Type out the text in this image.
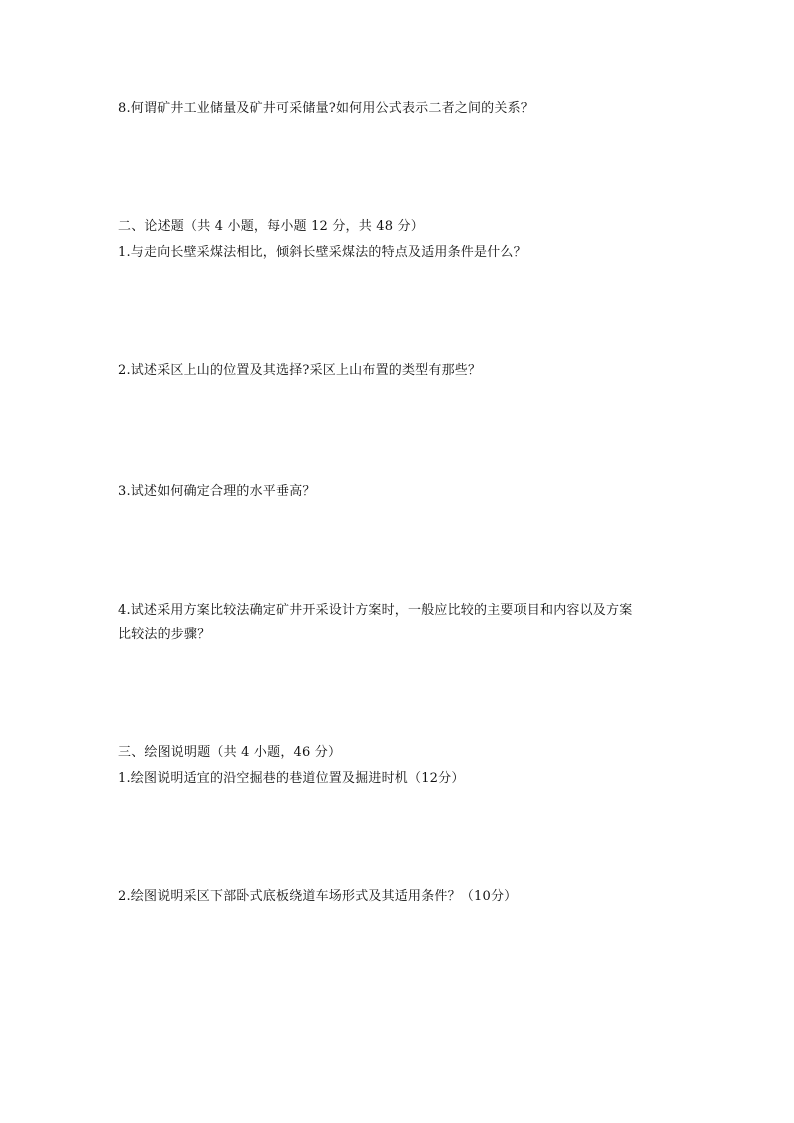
8.何谓矿井工业储量及矿井可采储量?如何用公式表示二者之间的关系？
二、论述题（共 4 小题，每小题 12 分，共 48 分）
1.与走向长壁采煤法相比，倾斜长壁采煤法的特点及适用条件是什么？
2.试述采区上山的位置及其选择?采区上山布置的类型有那些？
3.试述如何确定合理的水平垂高？
4.试述采用方案比较法确定矿井开采设计方案时，一般应比较的主要项目和内容以及方案
比较法的步骤？
三、绘图说明题（共 4 小题，46 分）
1.绘图说明适宜的沿空掘巷的巷道位置及掘进时机（12分）
2.绘图说明采区下部卧式底板绕道车场形式及其适用条件？（10分）
